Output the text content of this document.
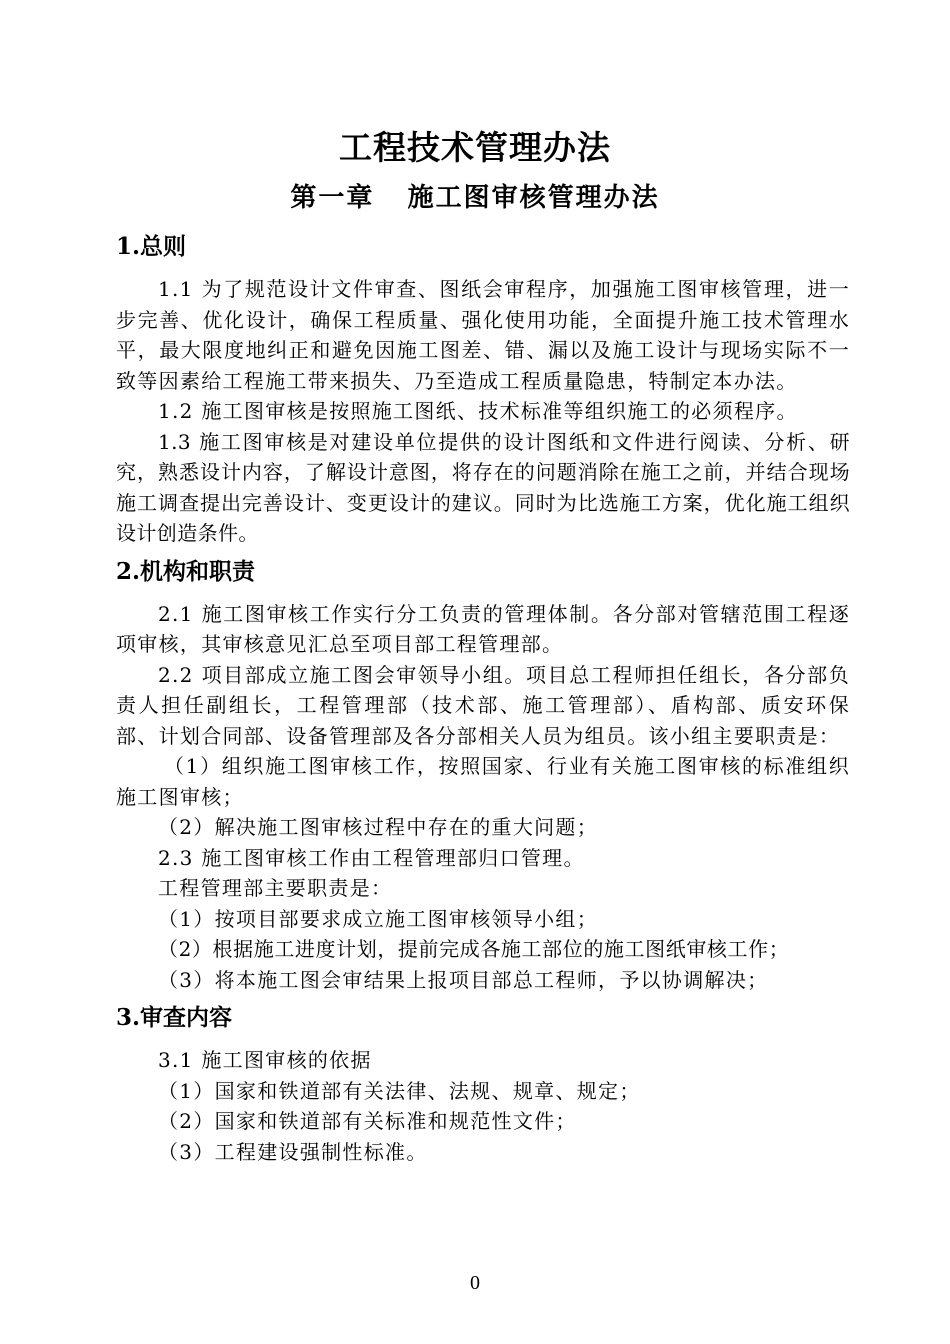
工程技术管理办法
第一章   施工图审核管理办法
1.总则
1.1 为了规范设计文件审查、图纸会审程序，加强施工图审核管理，进一步完善、优化设计，确保工程质量、强化使用功能，全面提升施工技术管理水平，最大限度地纠正和避免因施工图差、错、漏以及施工设计与现场实际不一致等因素给工程施工带来损失、乃至造成工程质量隐患，特制定本办法。
1.2 施工图审核是按照施工图纸、技术标准等组织施工的必须程序。
1.3 施工图审核是对建设单位提供的设计图纸和文件进行阅读、分析、研究，熟悉设计内容，了解设计意图，将存在的问题消除在施工之前，并结合现场施工调查提出完善设计、变更设计的建议。同时为比选施工方案，优化施工组织设计创造条件。
2.机构和职责
2.1 施工图审核工作实行分工负责的管理体制。各分部对管辖范围工程逐项审核，其审核意见汇总至项目部工程管理部。
2.2 项目部成立施工图会审领导小组。项目总工程师担任组长，各分部负责人担任副组长，工程管理部（技术部、施工管理部）、盾构部、质安环保部、计划合同部、设备管理部及各分部相关人员为组员。该小组主要职责是：
（1）组织施工图审核工作，按照国家、行业有关施工图审核的标准组织施工图审核；
（2）解决施工图审核过程中存在的重大问题；
2.3 施工图审核工作由工程管理部归口管理。
工程管理部主要职责是：
（1）按项目部要求成立施工图审核领导小组；
（2）根据施工进度计划，提前完成各施工部位的施工图纸审核工作；
（3）将本施工图会审结果上报项目部总工程师，予以协调解决；
3.审查内容
3.1 施工图审核的依据
（1）国家和铁道部有关法律、法规、规章、规定；
（2）国家和铁道部有关标准和规范性文件；
（3）工程建设强制性标准。
0
